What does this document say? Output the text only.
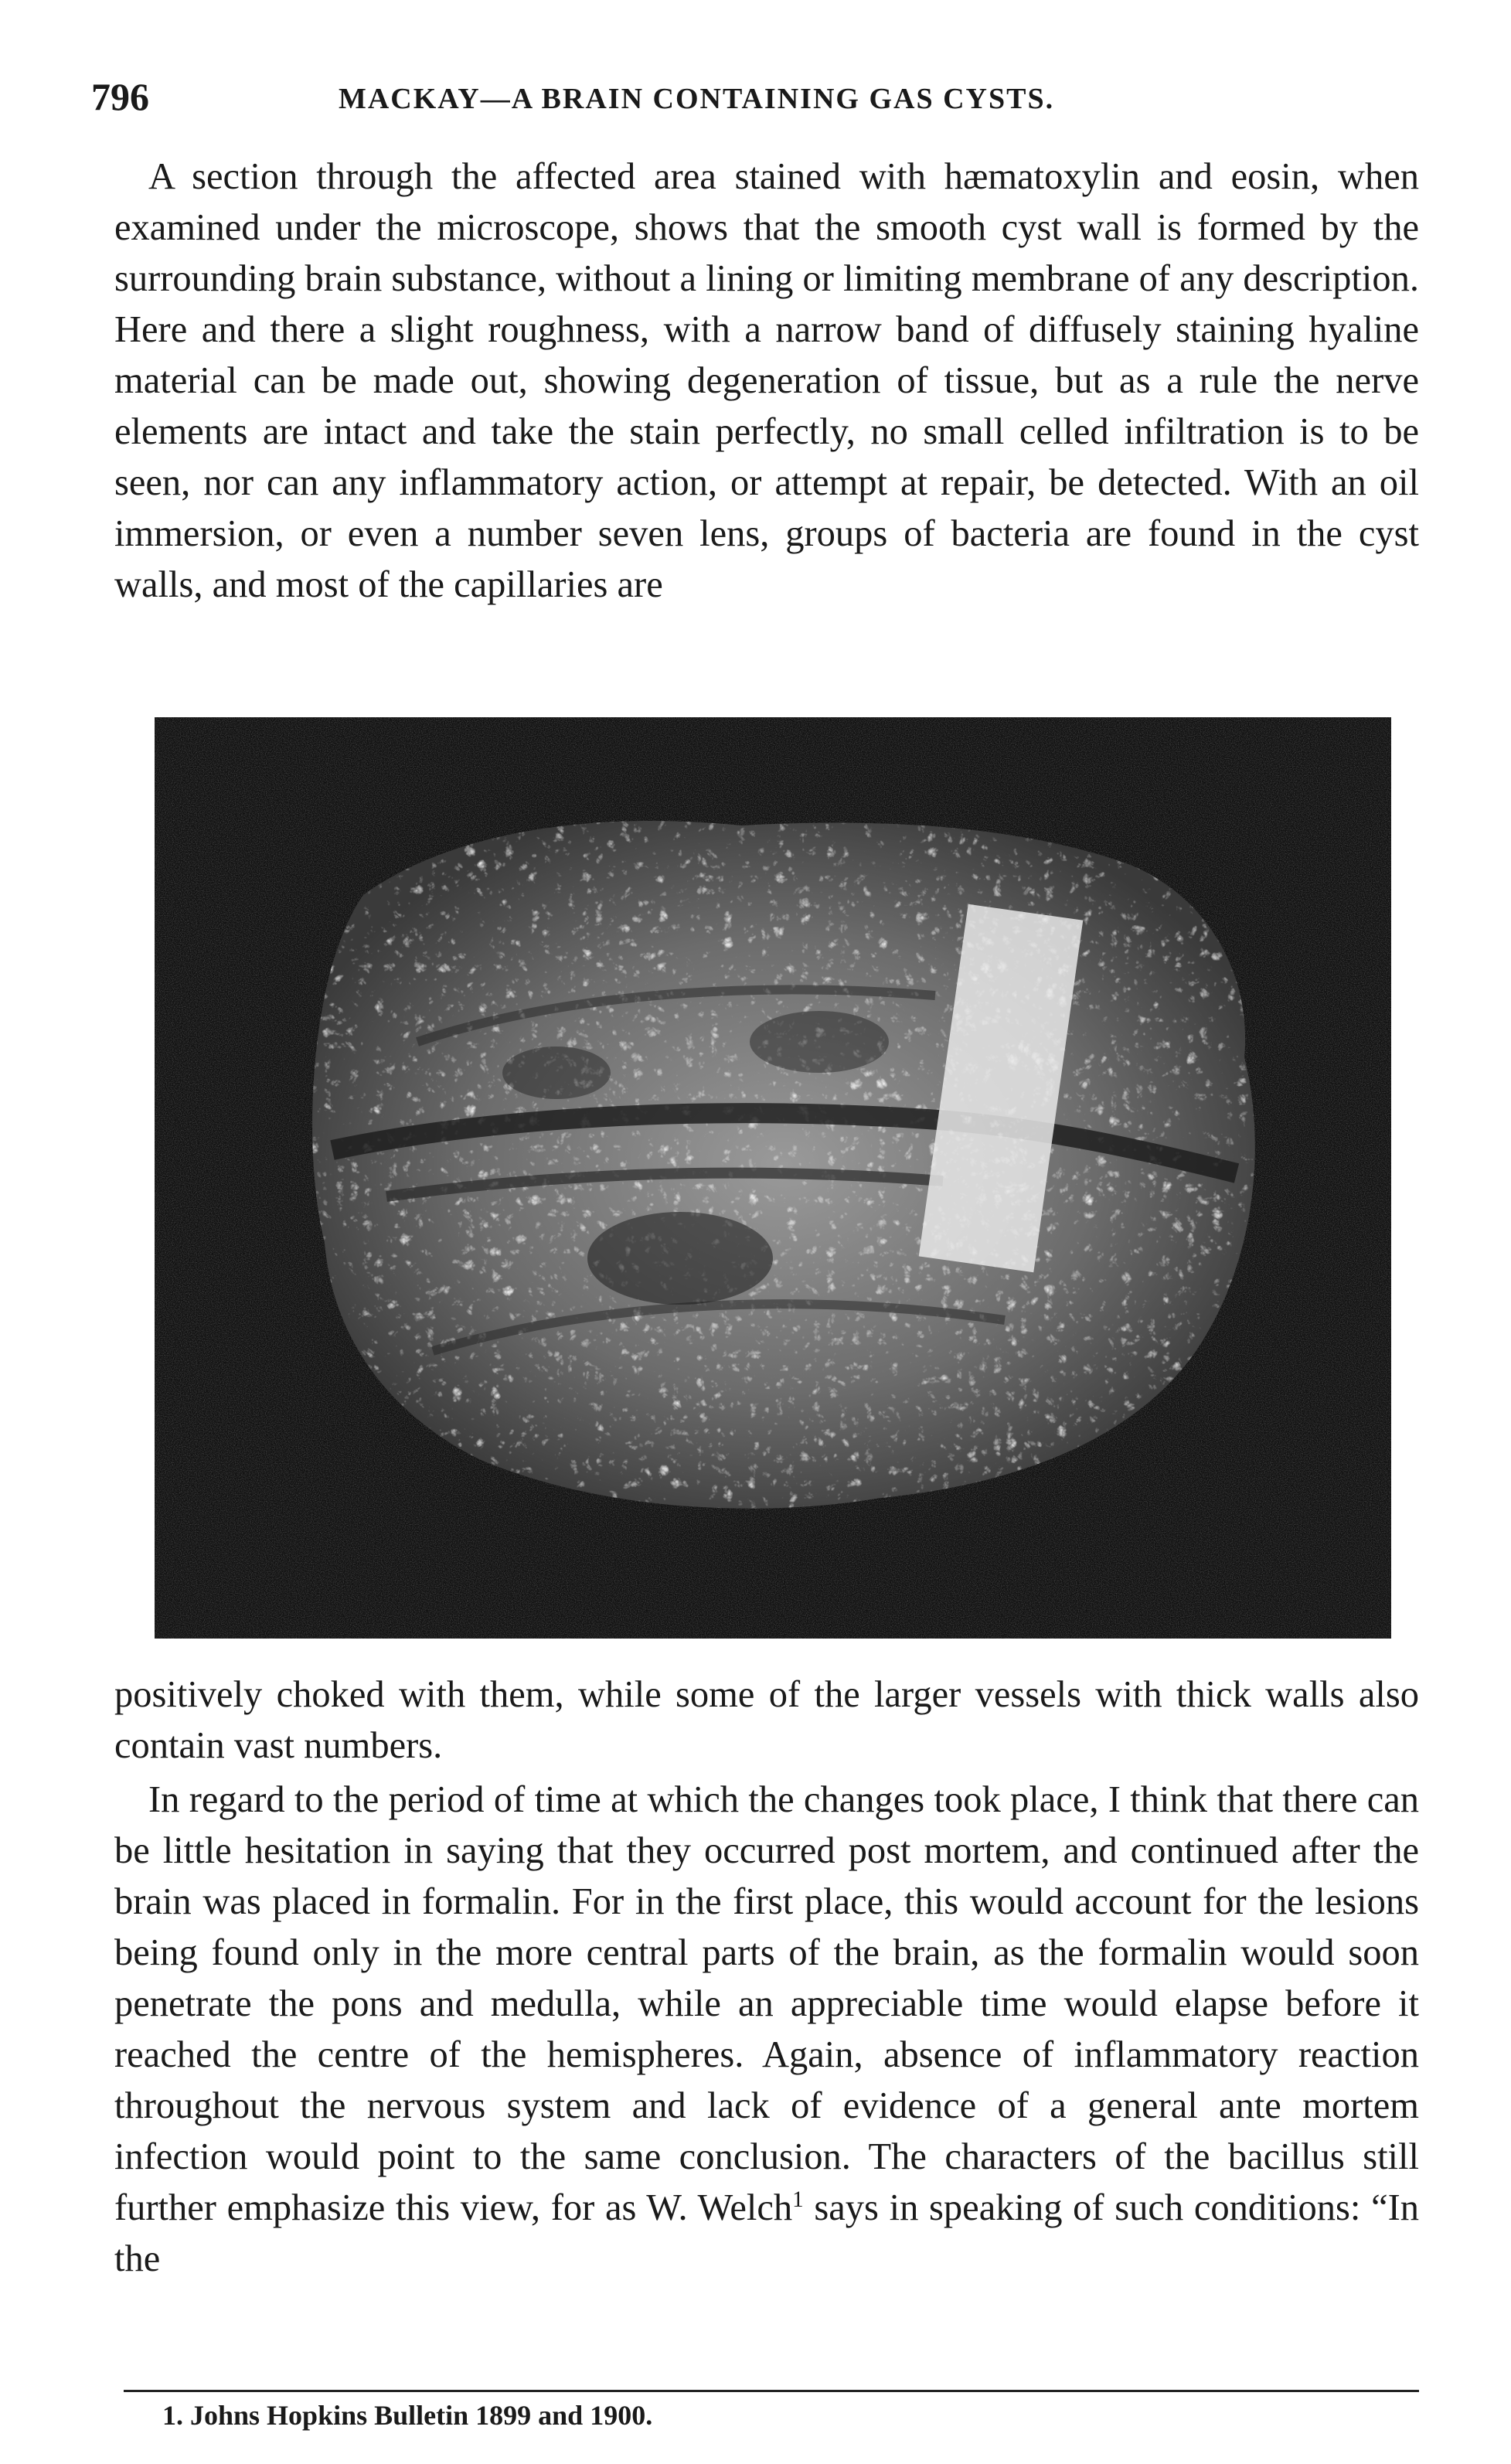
796	MACKAY—A BRAIN CONTAINING GAS CYSTS.

A section through the affected area stained with hæmatoxylin and eosin, when examined under the microscope, shows that the smooth cyst wall is formed by the surrounding brain substance, without a lining or limiting membrane of any description. Here and there a slight roughness, with a narrow band of diffusely staining hyaline material can be made out, showing degeneration of tissue, but as a rule the nerve elements are intact and take the stain perfectly, no small celled infiltration is to be seen, nor can any inflammatory action, or attempt at repair, be detected. With an oil immersion, or even a number seven lens, groups of bacteria are found in the cyst walls, and most of the capillaries are

positively choked with them, while some of the larger vessels with thick walls also contain vast numbers.

In regard to the period of time at which the changes took place, I think that there can be little hesitation in saying that they occurred post mortem, and continued after the brain was placed in formalin. For in the first place, this would account for the lesions being found only in the more central parts of the brain, as the formalin would soon penetrate the pons and medulla, while an appreciable time would elapse before it reached the centre of the hemispheres. Again, absence of inflammatory reaction throughout the nervous system and lack of evidence of a general ante mortem infection would point to the same conclusion. The characters of the bacillus still further emphasize this view, for as W. Welch$^1$ says in speaking of such conditions: “In the

1. Johns Hopkins Bulletin 1899 and 1900.
